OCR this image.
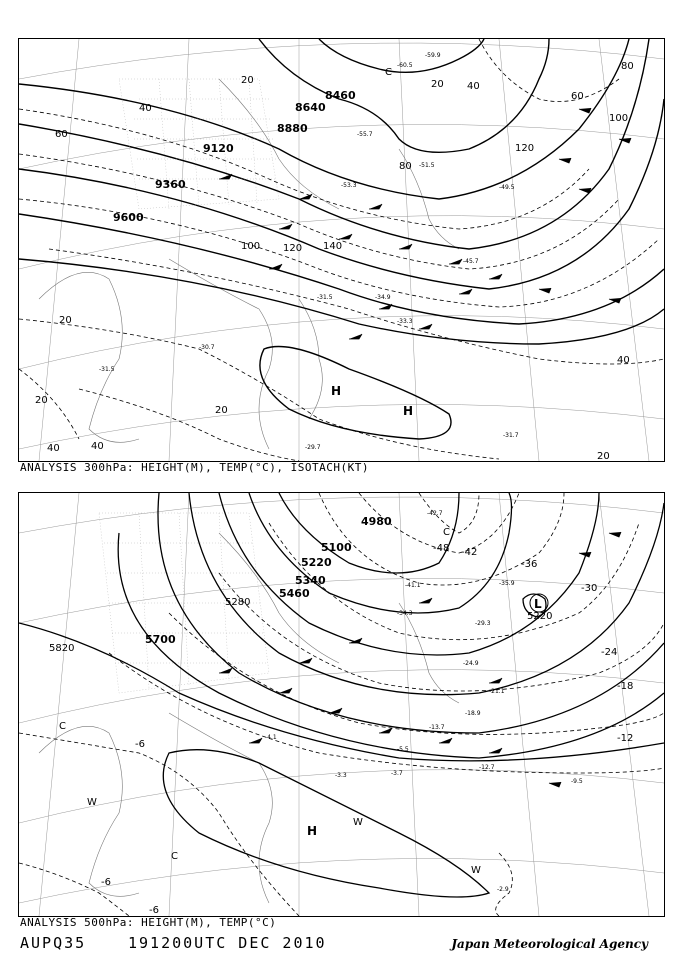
8460
8640
8880
9120
9360
9600
20
40
60
80
100 120 140
20 40
60
80
100
120
20
20
40	40
20
40
20
-59.9
-60.5
-55.7
-53.3
-51.5
-49.5
-45.7
-34.9
-33.3
-31.5
-31.7
-30.7
-29.7
-31.5
C
H
H
ANALYSIS 300hPa: HEIGHT(M), TEMP(°C), ISOTACH(KT)
4980
5100
5220
5340
5460
5280
5700
5820
5220
-48 -42
-36
-30
-24
-18
-12
-6
-6
-6
-42.7
-41.1	-35.9
-34.3
-29.3
-24.9
-21.1
-18.9
-13.7
-12.7
-9.5
-5.5
-4.1
-3.3	-3.7
-2.9
C
L
C
W
H
W
C
W
ANALYSIS 500hPa: HEIGHT(M), TEMP(°C)
AUPQ35	191200UTC DEC 2010	Japan Meteorological Agency
